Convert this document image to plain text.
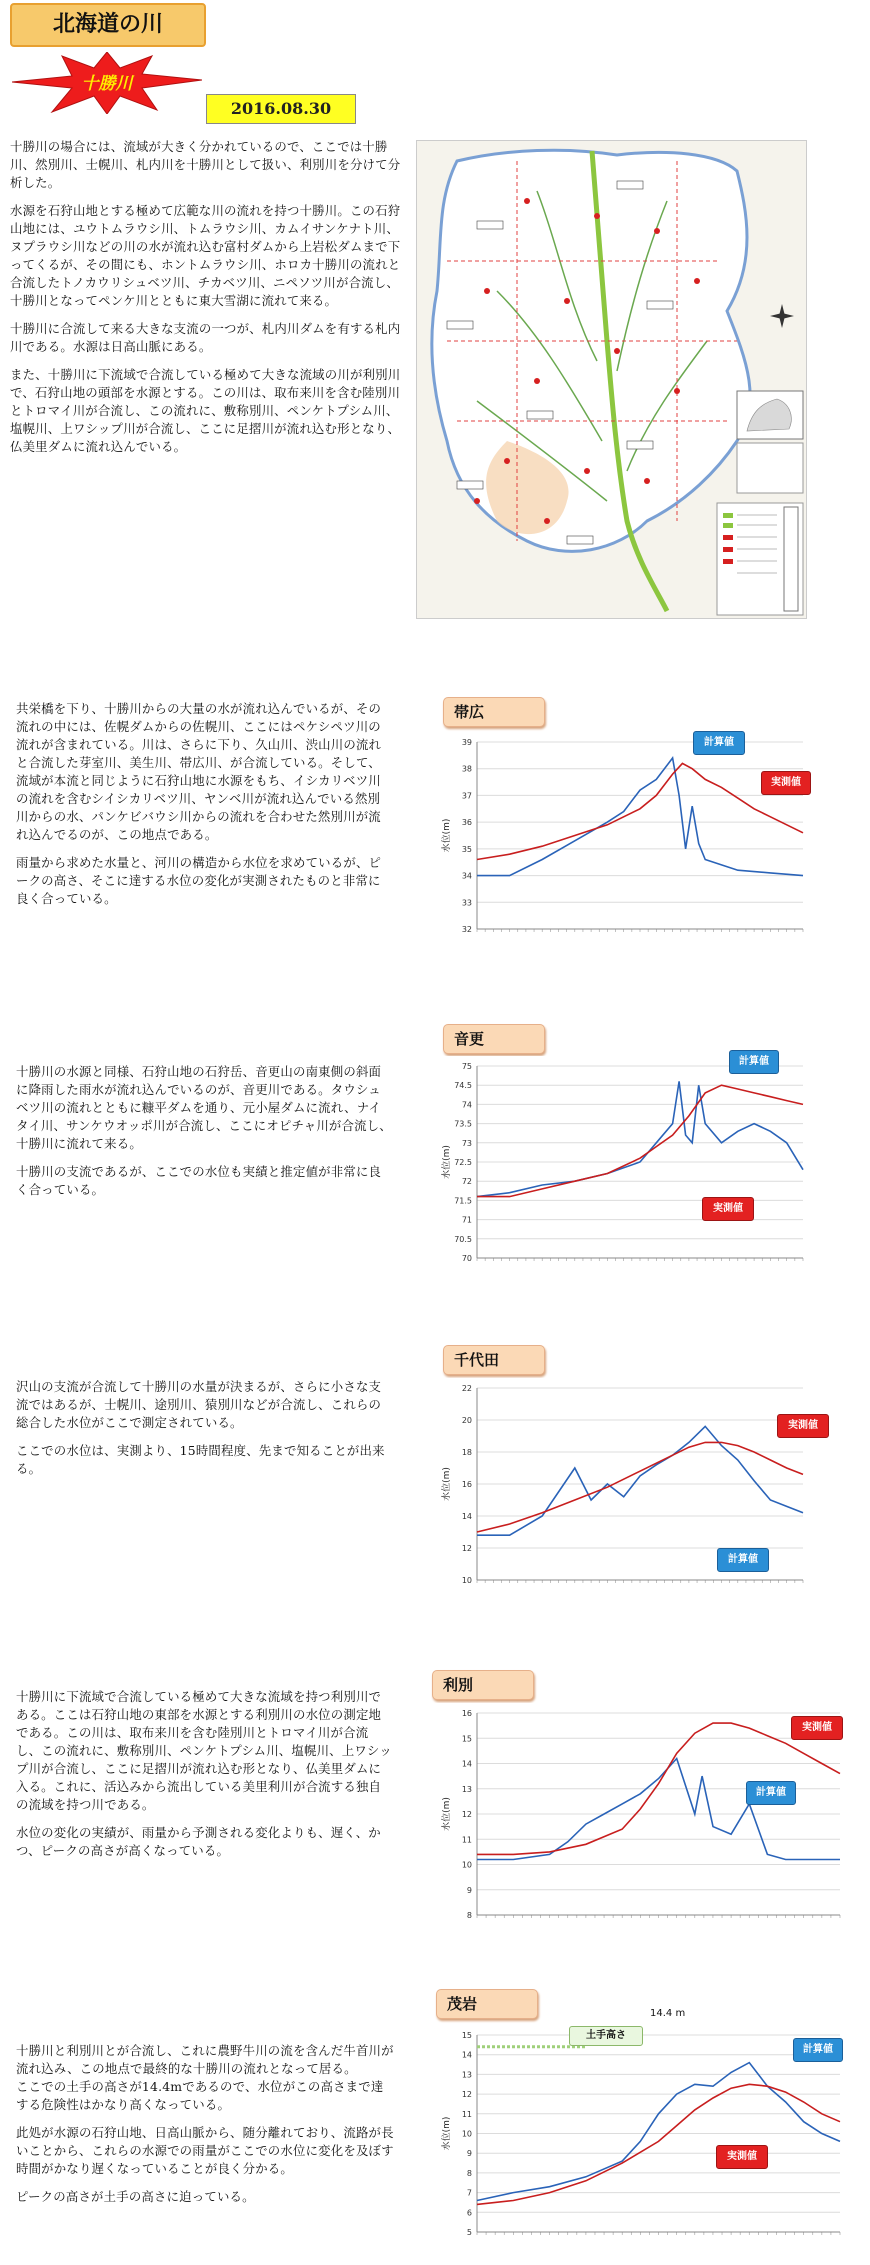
北海道の川
十勝川
2016.08.30

十勝川の場合には、流域が大きく分かれているので、ここでは十勝川、然別川、士幌川、札内川を十勝川として扱い、利別川を分けて分析した。

水源を石狩山地とする極めて広範な川の流れを持つ十勝川。この石狩山地には、ユウトムラウシ川、トムラウシ川、カムイサンケナト川、ヌプラウシ川などの川の水が流れ込む富村ダムから上岩松ダムまで下ってくるが、その間にも、ホントムラウシ川、ホロカ十勝川の流れと合流したトノカウリシュベツ川、チカベツ川、ニペソツ川が合流し、十勝川となってペンケ川とともに東大雪湖に流れて来る。

十勝川に合流して来る大きな支流の一つが、札内川ダムを有する札内川である。水源は日高山脈にある。

また、十勝川に下流域で合流している極めて大きな流域の川が利別川で、石狩山地の頭部を水源とする。この川は、取布来川を含む陸別川とトロマイ川が合流し、この流れに、敷称別川、ペンケトプシム川、塩幌川、上ワシップ川が合流し、ここに足摺川が流れ込む形となり、仏美里ダムに流れ込んでいる。

共栄橋を下り、十勝川からの大量の水が流れ込んでいるが、その流れの中には、佐幌ダムからの佐幌川、ここにはペケシペツ川の流れが含まれている。川は、さらに下り、久山川、渋山川の流れと合流した芽室川、美生川、帯広川、が合流している。そして、流域が本流と同じように石狩山地に水源をもち、イシカリベツ川の流れを含むシイシカリベツ川、ヤンベ川が流れ込んでいる然別川からの水、パンケビバウシ川からの流れを合わせた然別川が流れ込んでるのが、この地点である。

雨量から求めた水量と、河川の構造から水位を求めているが、ピークの高さ、そこに達する水位の変化が実測されたものと非常に良く合っている。

帯広

十勝川の水源と同様、石狩山地の石狩岳、音更山の南東側の斜面に降雨した雨水が流れ込んでいるのが、音更川である。タウシュベツ川の流れとともに糠平ダムを通り、元小屋ダムに流れ、ナイタイ川、サンケウオッポ川が合流し、ここにオピチャ川が合流し、十勝川に流れて来る。

十勝川の支流であるが、ここでの水位も実績と推定値が非常に良く合っている。

音更

沢山の支流が合流して十勝川の水量が決まるが、さらに小さな支流ではあるが、士幌川、途別川、猿別川などが合流し、これらの総合した水位がここで測定されている。

ここでの水位は、実測より、15時間程度、先まで知ることが出来る。

千代田

十勝川に下流域で合流している極めて大きな流域を持つ利別川である。ここは石狩山地の東部を水源とする利別川の水位の測定地である。この川は、取布来川を含む陸別川とトロマイ川が合流し、この流れに、敷称別川、ペンケトプシム川、塩幌川、上ワシップ川が合流し、ここに足摺川が流れ込む形となり、仏美里ダムに入る。これに、活込みから流出している美里利川が合流する独自の流域を持つ川である。

水位の変化の実績が、雨量から予測される変化よりも、遅く、かつ、ピークの高さが高くなっている。

利別

十勝川と利別川とが合流し、これに農野牛川の流を含んだ牛首川が流れ込み、この地点で最終的な十勝川の流れとなって居る。

ここでの土手の高さが14.4mであるので、水位がこの高さまで達する危険性はかなり高くなっている。

此処が水源の石狩山地、日高山脈から、随分離れており、流路が長いことから、これらの水源での雨量がここでの水位に変化を及ぼす時間がかなり遅くなっていることが良く分かる。

ピークの高さが土手の高さに迫っている。

茂岩
32
33
34
35
36
37
38
39
水位(m)
70
70.5
71
71.5
72
72.5
73
73.5
74
74.5
75
水位(m)
10
12
14
16
18
20
22
水位(m)
8
9
10
11
12
13
14
15
16
水位(m)
5
6
7
8
9
10
11
12
13
14
15
水位(m)
計算値
実測値
計算値
実測値
実測値
計算値
実測値
計算値
計算値
実測値
土手高さ
14.4 m
